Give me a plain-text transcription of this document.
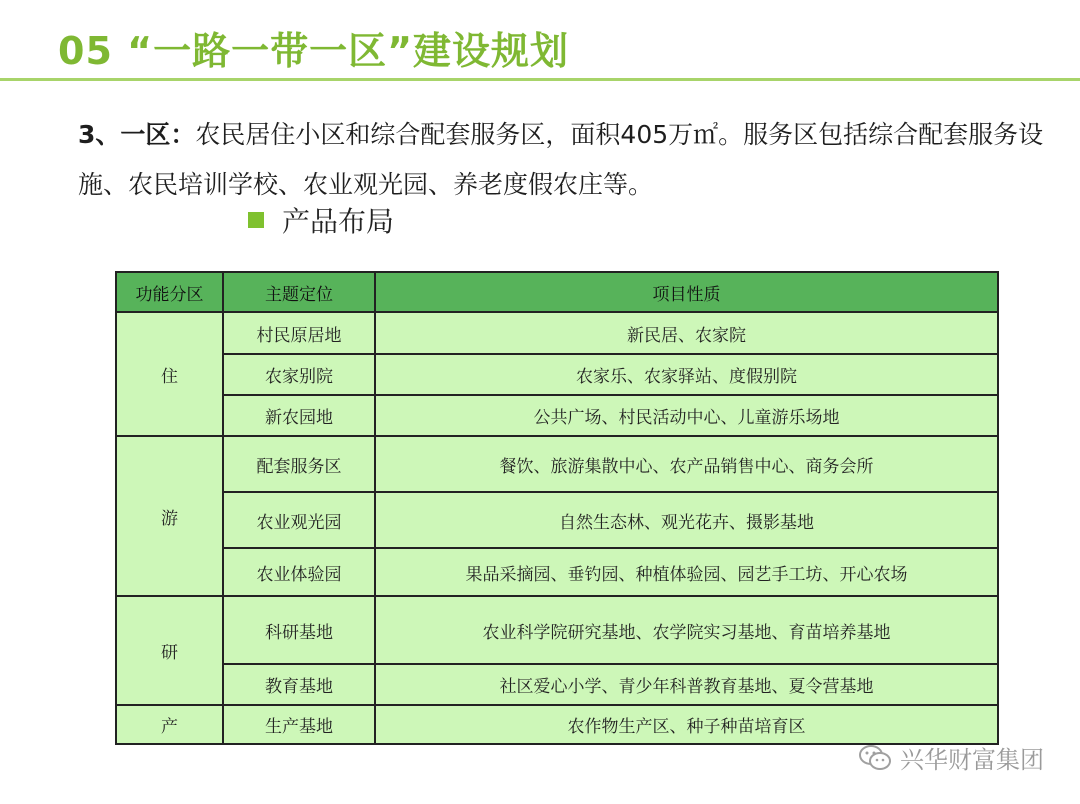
05 “一路一带一区”建设规划
3、一区：农民居住小区和综合配套服务区，面积405万㎡。服务区包括综合配套服务设施、农民培训学校、农业观光园、养老度假农庄等。
产品布局
功能分区	主题定位	项目性质
住	村民原居地	新民居、农家院
	农家别院	农家乐、农家驿站、度假别院
	新农园地	公共广场、村民活动中心、儿童游乐场地
游	配套服务区	餐饮、旅游集散中心、农产品销售中心、商务会所
	农业观光园	自然生态林、观光花卉、摄影基地
	农业体验园	果品采摘园、垂钓园、种植体验园、园艺手工坊、开心农场
研	科研基地	农业科学院研究基地、农学院实习基地、育苗培养基地
	教育基地	社区爱心小学、青少年科普教育基地、夏令营基地
产	生产基地	农作物生产区、种子种苗培育区
兴华财富集团
